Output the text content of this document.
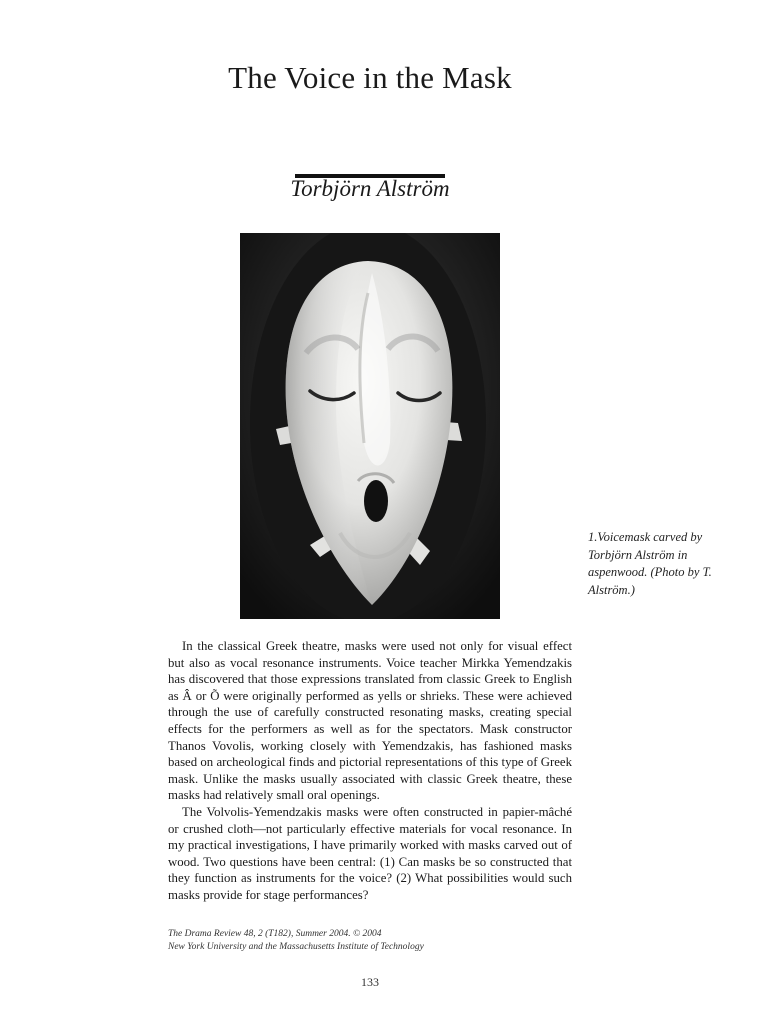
The Voice in the Mask
Torbjörn Alström
1.Voicemask carved by Torbjörn Alström in aspenwood. (Photo by T. Alström.)

In the classical Greek theatre, masks were used not only for visual effect but also as vocal resonance instruments. Voice teacher Mirkka Yemendzakis has discovered that those expressions translated from classic Greek to English as Â or Õ were originally performed as yells or shrieks. These were achieved through the use of carefully constructed resonating masks, creating special effects for the performers as well as for the spectators. Mask constructor Thanos Vovolis, working closely with Yemendzakis, has fashioned masks based on archeological finds and pictorial representations of this type of Greek mask. Unlike the masks usually associated with classic Greek theatre, these masks had relatively small oral openings.

The Volvolis-Yemendzakis masks were often constructed in papier-mâché or crushed cloth—not particularly effective materials for vocal resonance. In my practical investigations, I have primarily worked with masks carved out of wood. Two questions have been central: (1) Can masks be so constructed that they function as instruments for the voice? (2) What possibilities would such masks provide for stage performances?

The Drama Review 48, 2 (T182), Summer 2004. © 2004
New York University and the Massachusetts Institute of Technology
133
